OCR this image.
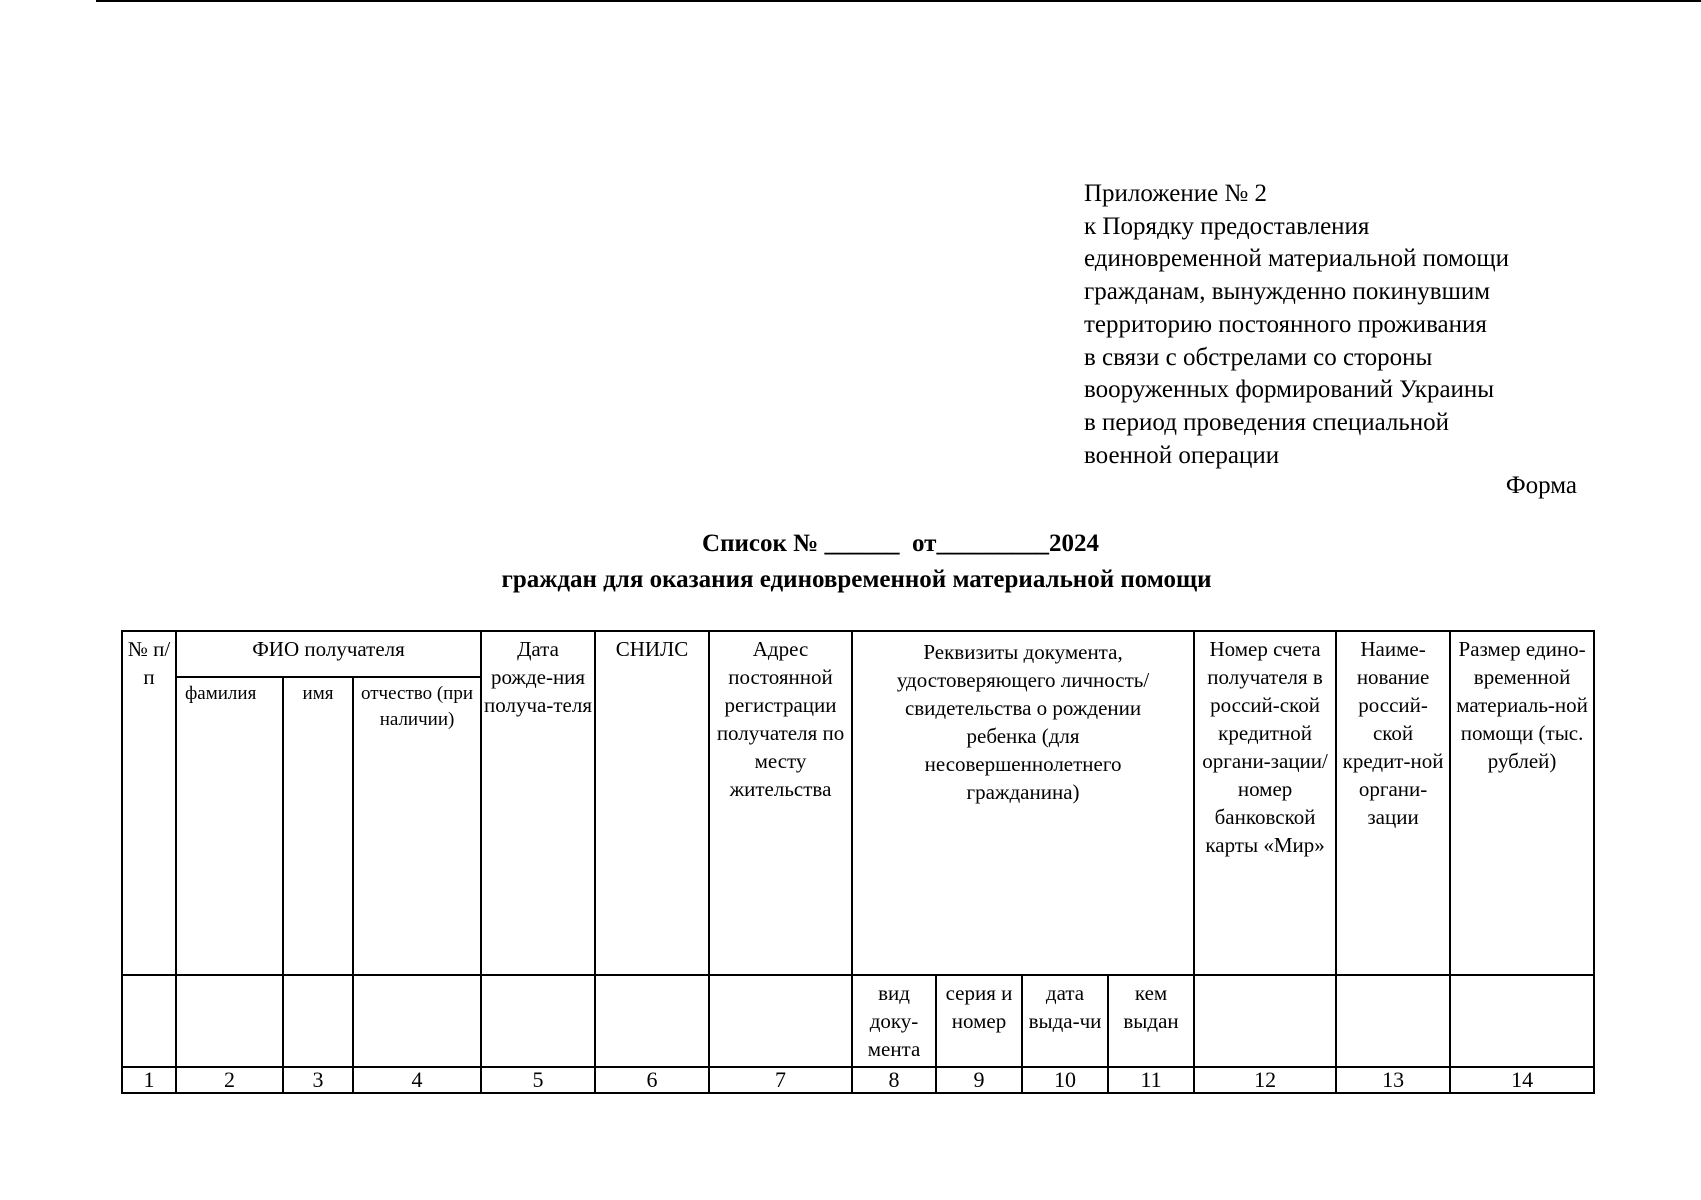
Приложение № 2
к Порядку предоставления
единовременной материальной помощи
гражданам, вынужденно покинувшим
территорию постоянного проживания
в связи с обстрелами со стороны
вооруженных формирований Украины
в период проведения специальной
военной операции
Форма
Список № ______  от_________2024
граждан для оказания единовременной материальной помощи
№ п/ п	ФИО получателя			Дата рожде-ния получа-теля	СНИЛС	Адрес постоянной регистрации получателя по месту жительства	Реквизиты документа, удостоверяющего личность/свидетельства о рождении ребенка (для несовершеннолетнего гражданина)				Номер счета получателя в россий-ской кредитной органи-зации/ номер банковской карты «Мир»	Наиме-нование россий-ской кредит-ной органи-зации	Размер едино-временной материаль-ной помощи (тыс. рублей)
	фамилия	имя	отчество (при наличии)										
							вид доку-мента	серия и номер	дата выда-чи	кем выдан			
1	2	3	4	5	6	7	8	9	10	11	12	13	14
